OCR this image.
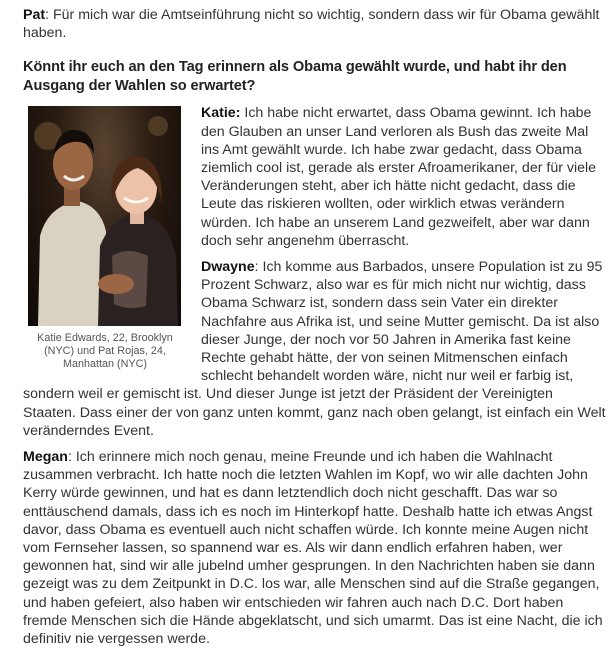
Pat: Für mich war die Amtseinführung nicht so wichtig, sondern dass wir für Obama gewählt haben.

Könnt ihr euch an den Tag erinnern als Obama gewählt wurde, und habt ihr den Ausgang der Wahlen so erwartet?

Katie Edwards, 22, Brooklyn (NYC) und Pat Rojas, 24, Manhattan (NYC)

Katie: Ich habe nicht erwartet, dass Obama gewinnt. Ich habe den Glauben an unser Land verloren als Bush das zweite Mal ins Amt gewählt wurde. Ich habe zwar gedacht, dass Obama ziemlich cool ist, gerade als erster Afroamerikaner, der für viele Veränderungen steht, aber ich hätte nicht gedacht, dass die Leute das riskieren wollten, oder wirklich etwas verändern würden. Ich habe an unserem Land gezweifelt, aber war dann doch sehr angenehm überrascht.

Dwayne: Ich komme aus Barbados, unsere Population ist zu 95 Prozent Schwarz, also war es für mich nicht nur wichtig, dass Obama Schwarz ist, sondern dass sein Vater ein direkter Nachfahre aus Afrika ist, und seine Mutter gemischt. Da ist also dieser Junge, der noch vor 50 Jahren in Amerika fast keine Rechte gehabt hätte, der von seinen Mitmenschen einfach schlecht behandelt worden wäre, nicht nur weil er farbig ist, sondern weil er gemischt ist. Und dieser Junge ist jetzt der Präsident der Vereinigten Staaten. Dass einer der von ganz unten kommt, ganz nach oben gelangt, ist einfach ein Welt veränderndes Event.

Megan: Ich erinnere mich noch genau, meine Freunde und ich haben die Wahlnacht zusammen verbracht. Ich hatte noch die letzten Wahlen im Kopf, wo wir alle dachten John Kerry würde gewinnen, und hat es dann letztendlich doch nicht geschafft. Das war so enttäuschend damals, dass ich es noch im Hinterkopf hatte. Deshalb hatte ich etwas Angst davor, dass Obama es eventuell auch nicht schaffen würde. Ich konnte meine Augen nicht vom Fernseher lassen, so spannend war es. Als wir dann endlich erfahren haben, wer gewonnen hat, sind wir alle jubelnd umher gesprungen. In den Nachrichten haben sie dann gezeigt was zu dem Zeitpunkt in D.C. los war, alle Menschen sind auf die Straße gegangen, und haben gefeiert, also haben wir entschieden wir fahren auch nach D.C. Dort haben fremde Menschen sich die Hände abgeklatscht, und sich umarmt. Das ist eine Nacht, die ich definitiv nie vergessen werde.
